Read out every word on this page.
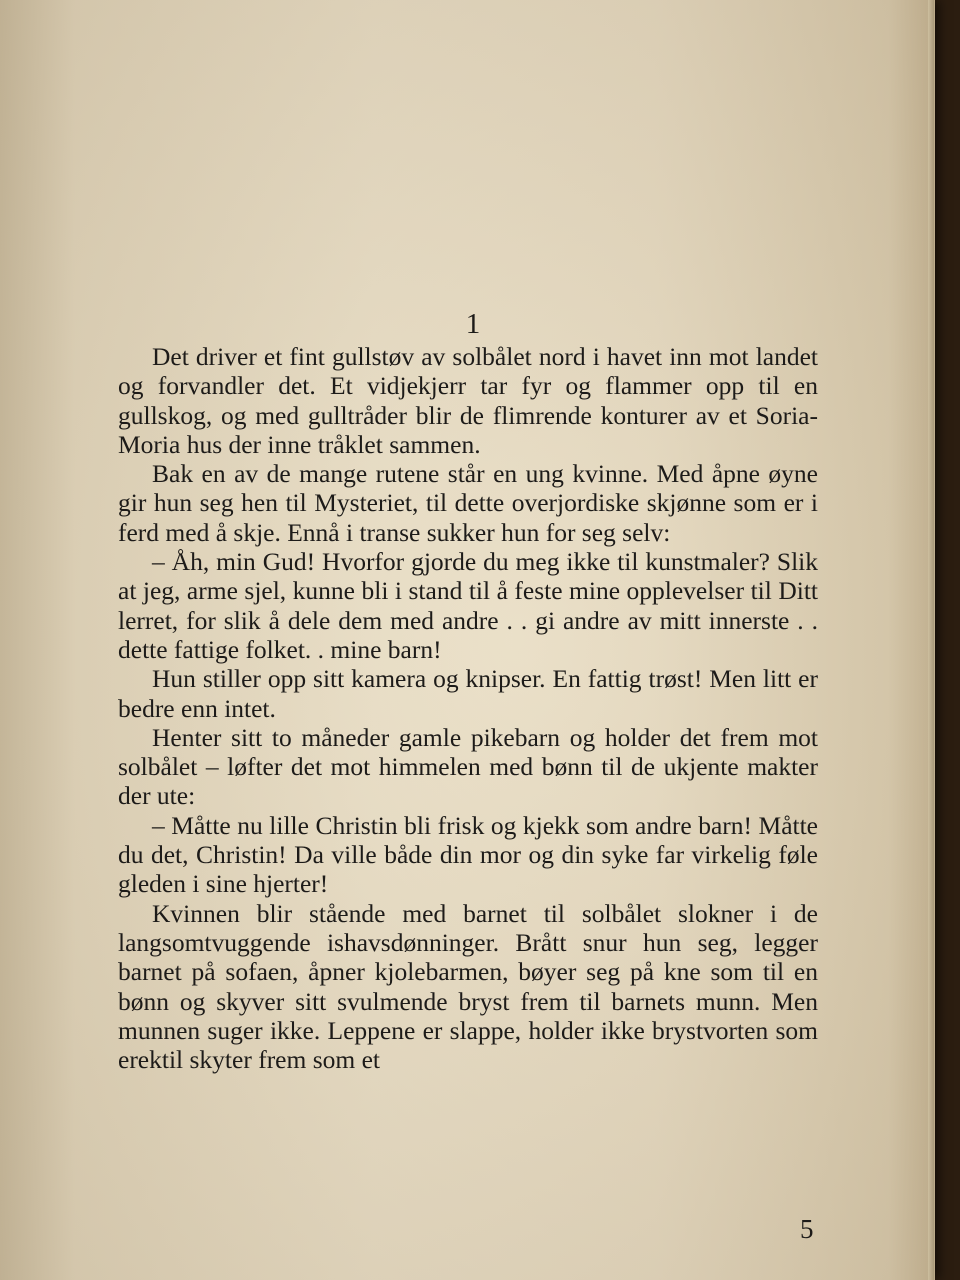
1

Det driver et fint gullstøv av solbålet nord i havet inn mot landet og forvandler det. Et vidjekjerr tar fyr og flammer opp til en gullskog, og med gulltråder blir de flimrende konturer av et Soria-Moria hus der inne tråklet sammen.

Bak en av de mange rutene står en ung kvinne. Med åpne øyne gir hun seg hen til Mysteriet, til dette overjordiske skjønne som er i ferd med å skje. Ennå i transe sukker hun for seg selv:

– Åh, min Gud! Hvorfor gjorde du meg ikke til kunstmaler? Slik at jeg, arme sjel, kunne bli i stand til å feste mine opplevelser til Ditt lerret, for slik å dele dem med andre . . gi andre av mitt innerste . . dette fattige folket. . mine barn!

Hun stiller opp sitt kamera og knipser. En fattig trøst! Men litt er bedre enn intet.

Henter sitt to måneder gamle pikebarn og holder det frem mot solbålet – løfter det mot himmelen med bønn til de ukjente makter der ute:

– Måtte nu lille Christin bli frisk og kjekk som andre barn! Måtte du det, Christin! Da ville både din mor og din syke far virkelig føle gleden i sine hjerter!

Kvinnen blir stående med barnet til solbålet slokner i de langsomtvuggende ishavsdønninger. Brått snur hun seg, legger barnet på sofaen, åpner kjolebarmen, bøyer seg på kne som til en bønn og skyver sitt svulmende bryst frem til barnets munn. Men munnen suger ikke. Leppene er slappe, holder ikke brystvorten som erektil skyter frem som et

5
